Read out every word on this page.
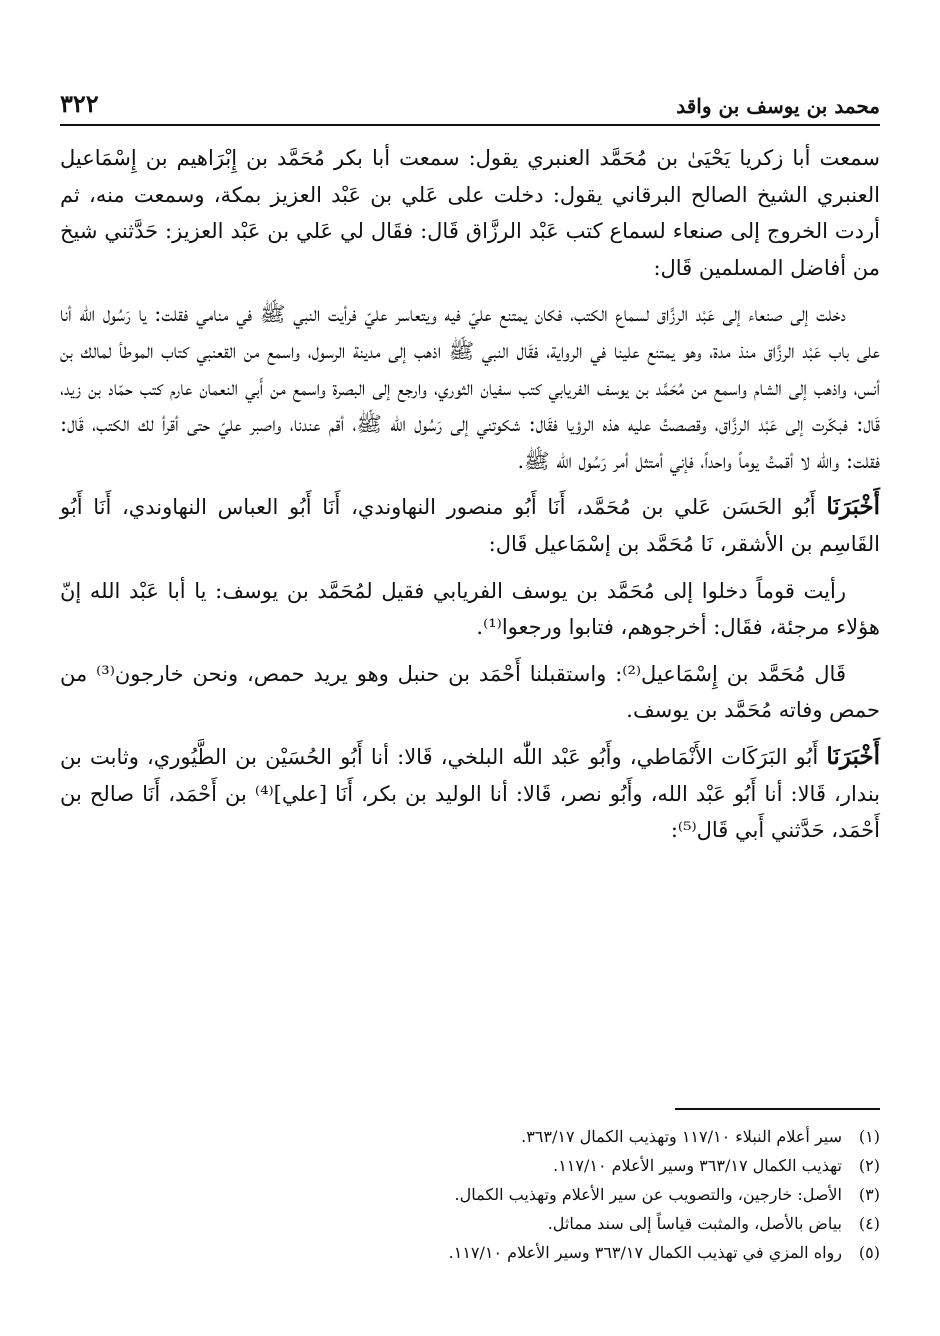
محمد بن يوسف بن واقد
٣٢٢

سمعت أبا زكريا يَحْيَىٰ بن مُحَمَّد العنبري يقول: سمعت أبا بكر مُحَمَّد بن إِبْرَاهيم بن إِسْمَاعيل العنبري الشيخ الصالح البرقاني يقول: دخلت على عَلي بن عَبْد العزيز بمكة، وسمعت منه، ثم أردت الخروج إلى صنعاء لسماع كتب عَبْد الرزَّاق قَال: فقَال لي عَلي بن عَبْد العزيز: حَدَّثني شيخ من أفاضل المسلمين قَال:

دخلت إلى صنعاء إلى عَبْد الرزَّاق لسماع الكتب، فكان يمتنع عليّ فيه ويتعاسر عليّ فرأيت النبي ﷺ في منامي فقلت: يا رَسُول الله أنا على باب عَبْد الرزَّاق منذ مدة، وهو يمتنع علينا في الرواية، فقَال النبي ﷺ اذهب إلى مدينة الرسول، واسمع من القعنبي كتاب الموطأ لمالك بن أنس، واذهب إلى الشام واسمع من مُحَمَّد بن يوسف الفريابي كتب سفيان الثوري، وارجع إلى البصرة واسمع من أَبي النعمان عارم كتب حمّاد بن زيد، قَال: فبكّرت إلى عَبْد الرزَّاق، وقصصتُ عليه هذه الرؤيا فقَال: شكوتني إلى رَسُول الله ﷺ، أقم عندنا، واصبر عليّ حتى أقرأ لك الكتب، قَال: فقلت: والله لا أقمتُ يوماً واحداً، فإني أمتثل أمر رَسُول الله ﷺ.

أَخْبَرَنَا أَبُو الحَسَن عَلي بن مُحَمَّد، أَنَا أَبُو منصور النهاوندي، أَنَا أَبُو العباس النهاوندي، أَنَا أَبُو القَاسِم بن الأشقر، نَا مُحَمَّد بن إسْمَاعيل قَال:

رأيت قوماً دخلوا إلى مُحَمَّد بن يوسف الفريابي فقيل لمُحَمَّد بن يوسف: يا أبا عَبْد الله إنّ هؤلاء مرجئة، فقَال: أخرجوهم، فتابوا ورجعوا⁽¹⁾.

قَال مُحَمَّد بن إِسْمَاعيل⁽²⁾: واستقبلنا أَحْمَد بن حنبل وهو يريد حمص، ونحن خارجون⁽³⁾ من حمص وفاته مُحَمَّد بن يوسف.

أَخْبَرَنَا أَبُو البَرَكَات الأَنْمَاطي، وأَبُو عَبْد اللّٰه البلخي، قَالا: أنا أَبُو الحُسَيْن بن الطَّيُوري، وثابت بن بندار، قَالا: أنا أَبُو عَبْد الله، وأَبُو نصر، قَالا: أنا الوليد بن بكر، أَنَا [علي]⁽⁴⁾ بن أَحْمَد، أَنَا صالح بن أَحْمَد، حَدَّثني أَبي قَال⁽⁵⁾:

(١)
سير أعلام النبلاء ١١٧/١٠ وتهذيب الكمال ٣٦٣/١٧.
(٢)
تهذيب الكمال ٣٦٣/١٧ وسير الأعلام ١١٧/١٠.
(٣)
الأصل: خارجين، والتصويب عن سير الأعلام وتهذيب الكمال.
(٤)
بياض بالأصل، والمثبت قياساً إلى سند مماثل.
(٥)
رواه المزي في تهذيب الكمال ٣٦٣/١٧ وسير الأعلام ١١٧/١٠.
